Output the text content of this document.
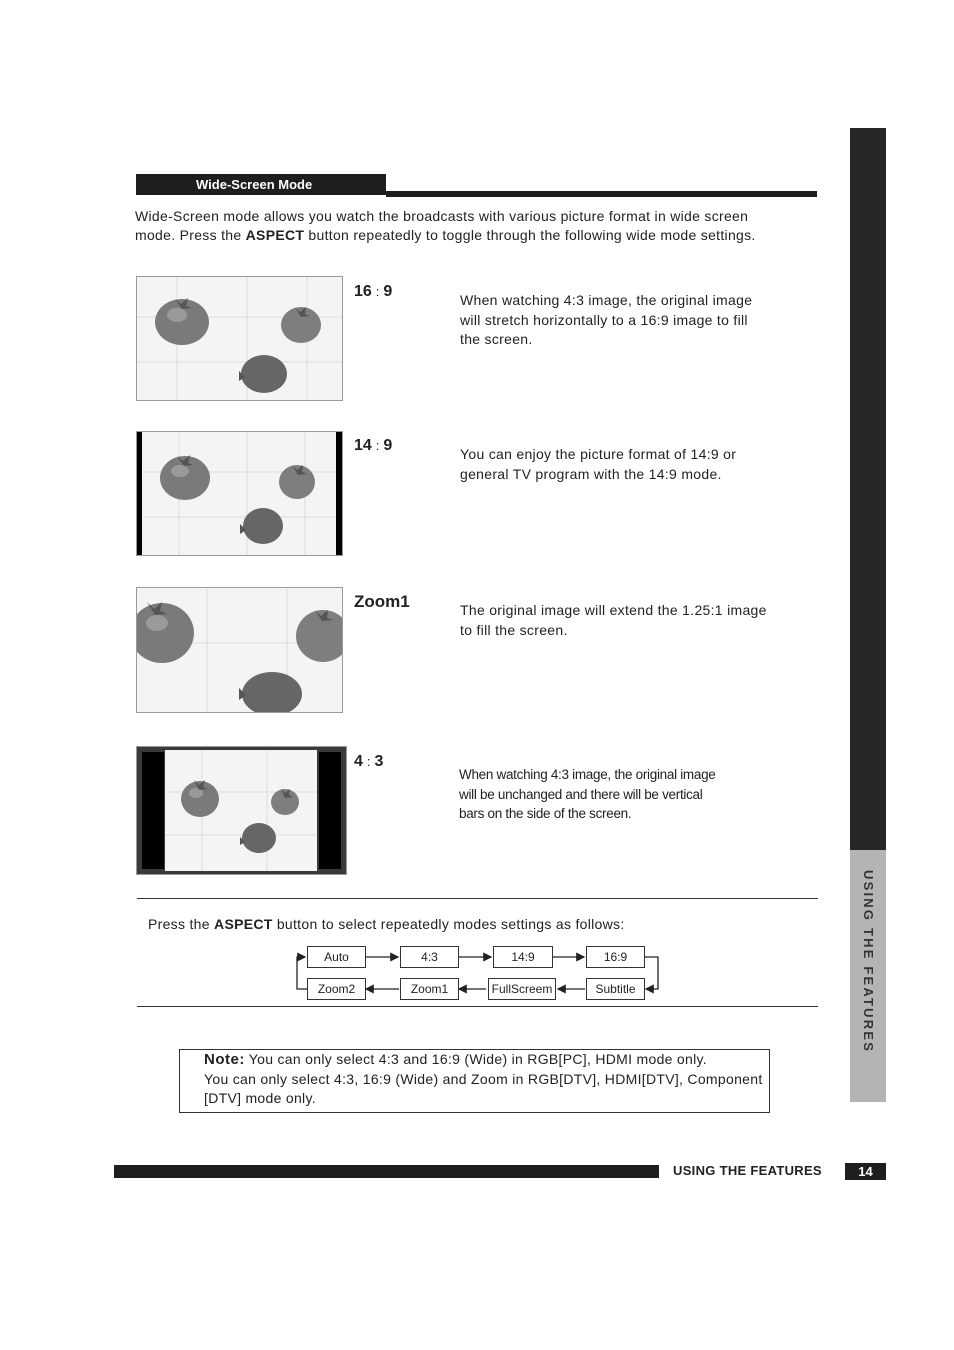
USING THE FEATURES
Wide-Screen Mode
Wide-Screen mode allows you watch the broadcasts with various picture format in wide screen mode. Press the ASPECT button repeatedly to toggle through the following wide mode settings.
16 : 9	When watching 4:3 image, the original image will stretch horizontally to a 16:9 image to fill the screen.
14 : 9	You can enjoy the picture format of 14:9 or general TV program with the 14:9 mode.
Zoom1	The original image will extend the 1.25:1 image to fill the screen.
4 : 3
When watching 4:3 image, the original image will be unchanged and there will be vertical bars on the side of the screen.
Press the ASPECT button to select repeatedly modes settings as follows:
Auto	4:3	14:9	16:9
Zoom2	Zoom1	FullScreem	Subtitle
Note: You can only select 4:3 and 16:9 (Wide) in RGB[PC], HDMI mode only.
You can only select 4:3, 16:9 (Wide) and Zoom in RGB[DTV], HDMI[DTV], Component [DTV] mode only.
USING THE FEATURES	14
